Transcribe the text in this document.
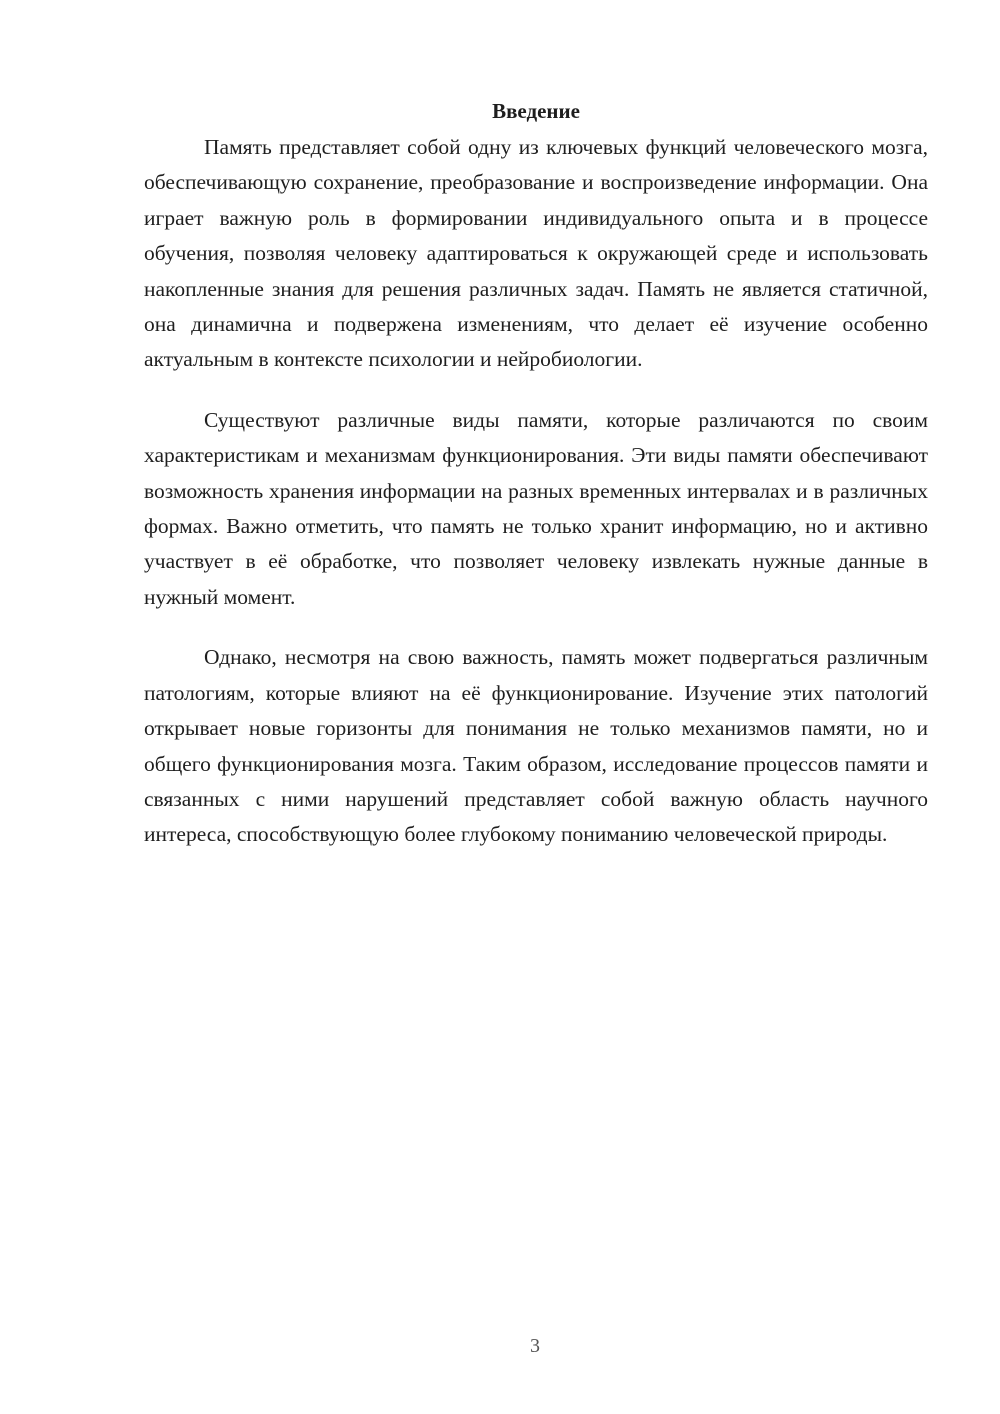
Введение

Память представляет собой одну из ключевых функций человеческого мозга, обеспечивающую сохранение, преобразование и воспроизведение информации. Она играет важную роль в формировании индивидуального опыта и в процессе обучения, позволяя человеку адаптироваться к окружающей среде и использовать накопленные знания для решения различных задач. Память не является статичной, она динамична и подвержена изменениям, что делает её изучение особенно актуальным в контексте психологии и нейробиологии.

Существуют различные виды памяти, которые различаются по своим характеристикам и механизмам функционирования. Эти виды памяти обеспечивают возможность хранения информации на разных временных интервалах и в различных формах. Важно отметить, что память не только хранит информацию, но и активно участвует в её обработке, что позволяет человеку извлекать нужные данные в нужный момент.

Однако, несмотря на свою важность, память может подвергаться различным патологиям, которые влияют на её функционирование. Изучение этих патологий открывает новые горизонты для понимания не только механизмов памяти, но и общего функционирования мозга. Таким образом, исследование процессов памяти и связанных с ними нарушений представляет собой важную область научного интереса, способствующую более глубокому пониманию человеческой природы.

3
